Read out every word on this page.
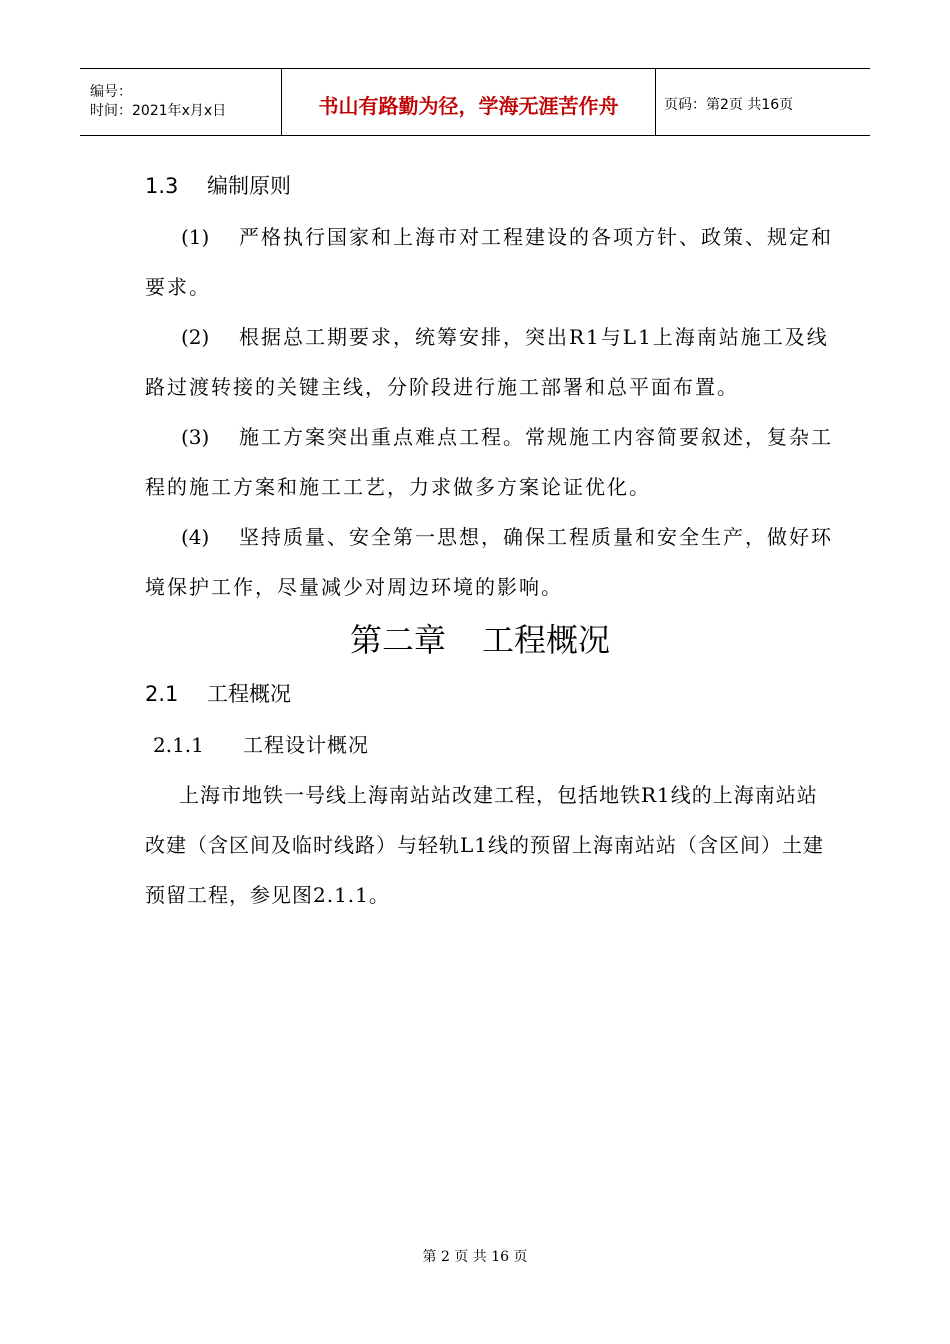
编号：
时间：2021年x月x日	书山有路勤为径，学海无涯苦作舟	页码：第2页 共16页
1.3 编制原则

(1) 严格执行国家和上海市对工程建设的各项方针、政策、规定和要求。

(2) 根据总工期要求，统筹安排，突出R1与L1上海南站施工及线路过渡转接的关键主线，分阶段进行施工部署和总平面布置。

(3) 施工方案突出重点难点工程。常规施工内容简要叙述，复杂工程的施工方案和施工工艺，力求做多方案论证优化。

(4) 坚持质量、安全第一思想，确保工程质量和安全生产，做好环境保护工作，尽量减少对周边环境的影响。

第二章 工程概况
2.1 工程概况
2.1.1 工程设计概况

上海市地铁一号线上海南站站改建工程，包括地铁R1线的上海南站站改建（含区间及临时线路）与轻轨L1线的预留上海南站站（含区间）土建预留工程，参见图2.1.1。

第 2 页 共 16 页
